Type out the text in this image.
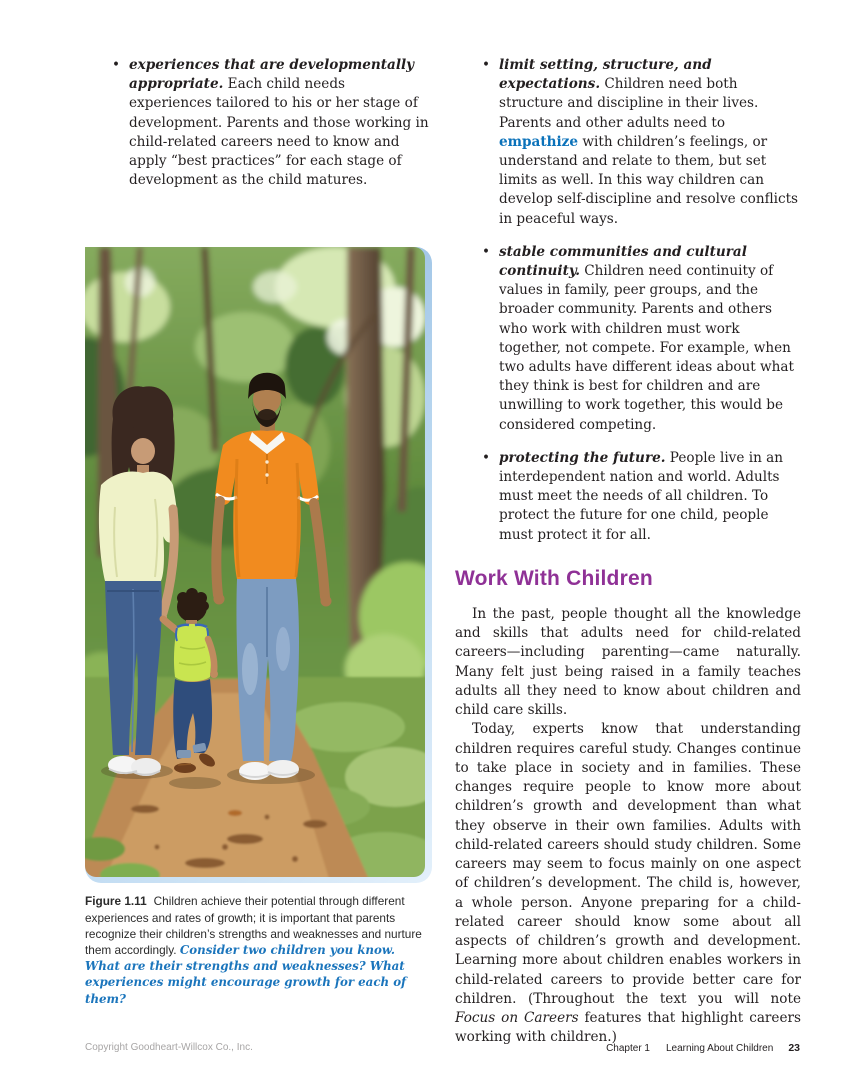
• experiences that are developmentally appropriate. Each child needs experiences tailored to his or her stage of development. Parents and those working in child-related careers need to know and apply “best practices” for each stage of development as the child matures.
Figure 1.11 Children achieve their potential through different experiences and rates of growth; it is important that parents recognize their children’s strengths and weaknesses and nurture them accordingly. Consider two children you know. What are their strengths and weaknesses? What experiences might encourage growth for each of them?
• limit setting, structure, and expectations. Children need both structure and discipline in their lives. Parents and other adults need to empathize with children’s feelings, or understand and relate to them, but set limits as well. In this way children can develop self-discipline and resolve conflicts in peaceful ways.
• stable communities and cultural continuity. Children need continuity of values in family, peer groups, and the broader community. Parents and others who work with children must work together, not compete. For example, when two adults have different ideas about what they think is best for children and are unwilling to work together, this would be considered competing.
• protecting the future. People live in an interdependent nation and world. Adults must meet the needs of all children. To protect the future for one child, people must protect it for all.
Work With Children

In the past, people thought all the knowledge and skills that adults need for child-related careers—including parenting—came naturally. Many felt just being raised in a family teaches adults all they need to know about children and child care skills.

Today, experts know that understanding children requires careful study. Changes continue to take place in society and in families. These changes require people to know more about children’s growth and development than what they observe in their own families. Adults with child-related careers should study children. Some careers may seem to focus mainly on one aspect of children’s development. The child is, however, a whole person. Anyone preparing for a child-related career should know some about all aspects of children’s growth and development. Learning more about children enables workers in child-related careers to provide better care for children. (Throughout the text you will note Focus on Careers features that highlight careers working with children.)

Copyright Goodheart-Willcox Co., Inc.	Chapter 1 Learning About Children 23
